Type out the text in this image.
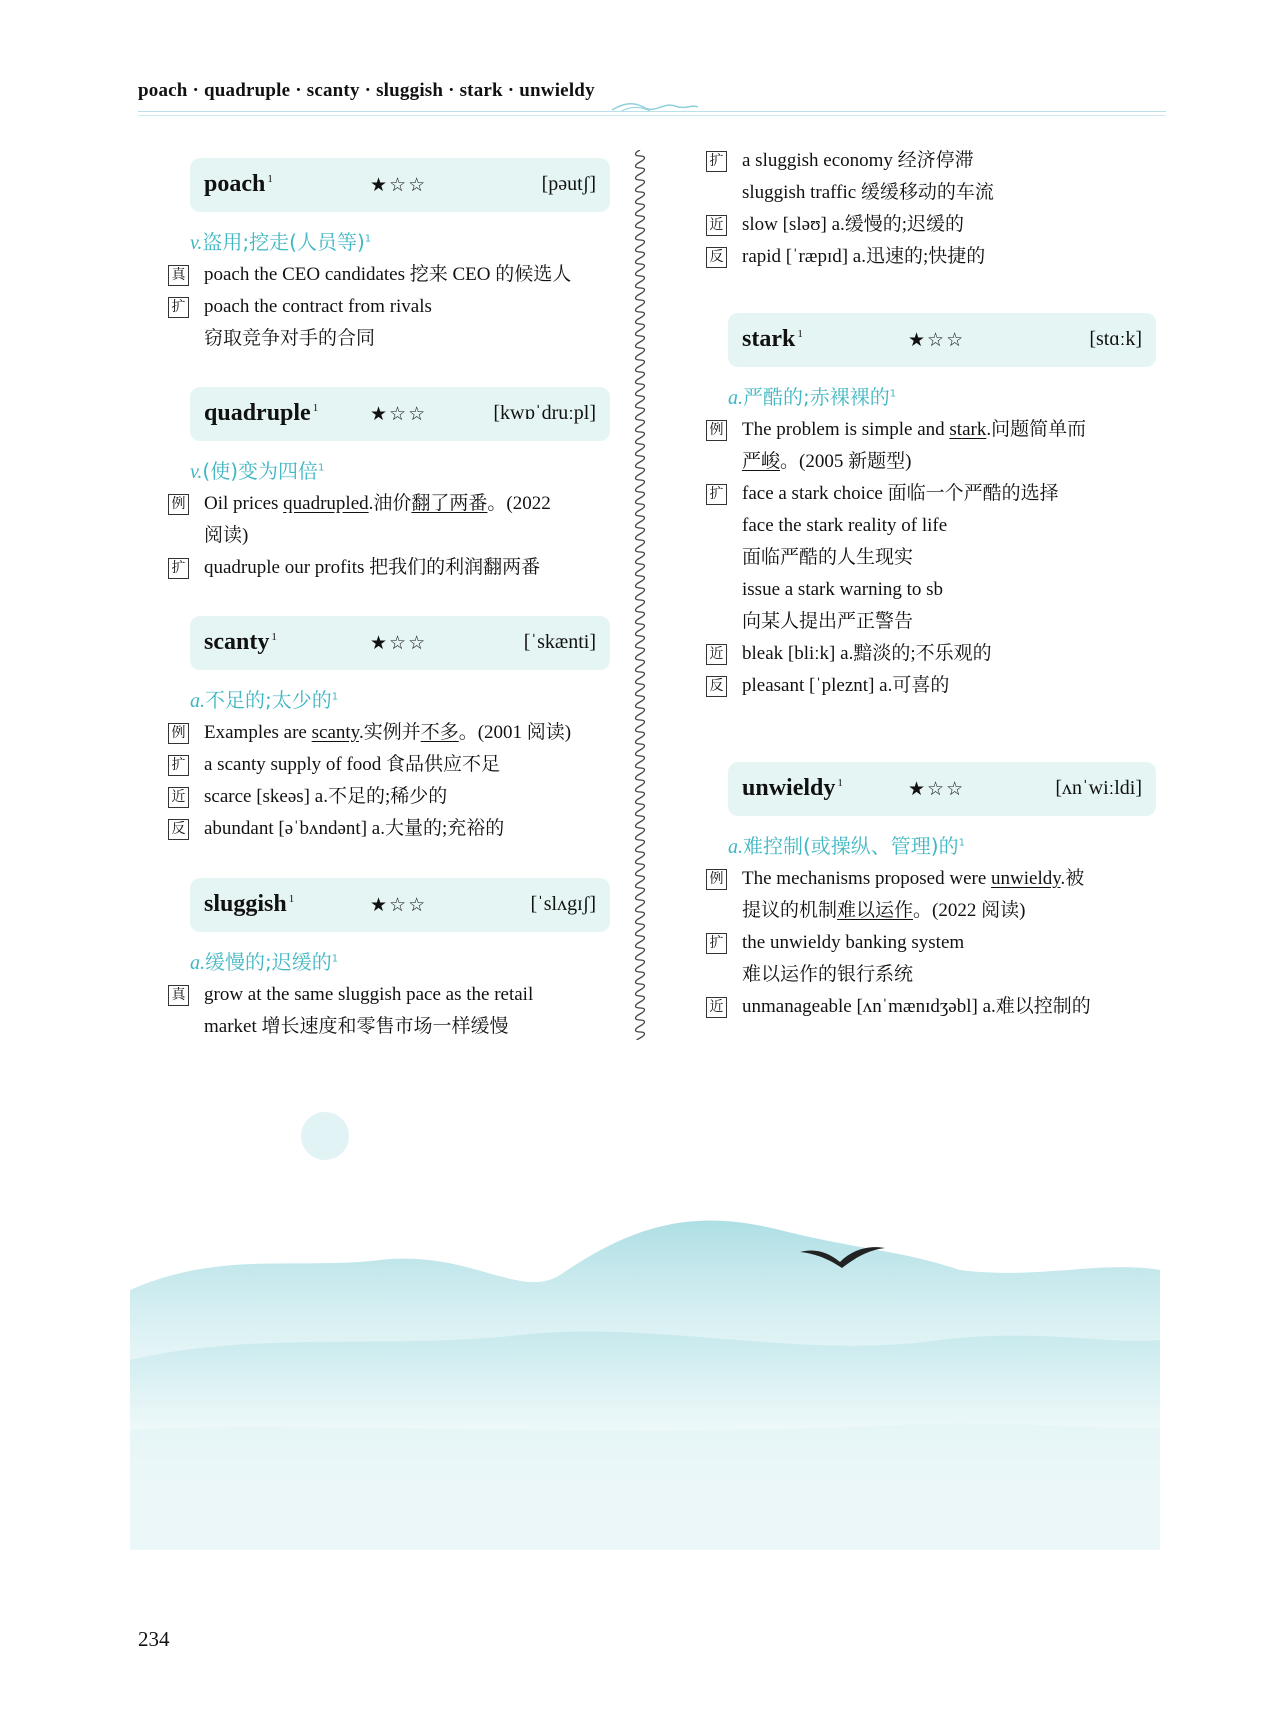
poach · quadruple · scanty · sluggish · stark · unwieldy
poach $^1$	★☆☆	[pəutʃ]
v.盗用;挖走(人员等)$^1$
真 poach the CEO candidates 挖来 CEO 的候选人
扩 poach the contract from rivals
窃取竞争对手的合同
quadruple $^1$	★☆☆	[kwɒˈdruːpl]
v.(使)变为四倍$^1$
例 Oil prices quadrupled.油价翻了两番。(2022
阅读)
扩 quadruple our profits 把我们的利润翻两番
scanty $^1$	★☆☆	[ˈskænti]
a.不足的;太少的$^1$
例 Examples are scanty.实例并不多。(2001 阅读)
扩 a scanty supply of food 食品供应不足
近 scarce [skeəs] a.不足的;稀少的
反 abundant [əˈbʌndənt] a.大量的;充裕的
sluggish $^1$	★☆☆	[ˈslʌgɪʃ]
a.缓慢的;迟缓的$^1$
真 grow at the same sluggish pace as the retail
market 增长速度和零售市场一样缓慢
扩 a sluggish economy 经济停滞
sluggish traffic 缓缓移动的车流
近 slow [sləʊ] a.缓慢的;迟缓的
反 rapid [ˈræpɪd] a.迅速的;快捷的
stark $^1$	★☆☆	[stɑːk]
a.严酷的;赤裸裸的$^1$
例 The problem is simple and stark.问题简单而
严峻。(2005 新题型)
扩 face a stark choice 面临一个严酷的选择
face the stark reality of life
面临严酷的人生现实
issue a stark warning to sb
向某人提出严正警告
近 bleak [bliːk] a.黯淡的;不乐观的
反 pleasant [ˈpleznt] a.可喜的
unwieldy $^1$	★☆☆	[ʌnˈwiːldi]
a.难控制(或操纵、管理)的$^1$
例 The mechanisms proposed were unwieldy.被
提议的机制难以运作。(2022 阅读)
扩 the unwieldy banking system
难以运作的银行系统
近 unmanageable [ʌnˈmænɪdʒəbl] a.难以控制的
234
